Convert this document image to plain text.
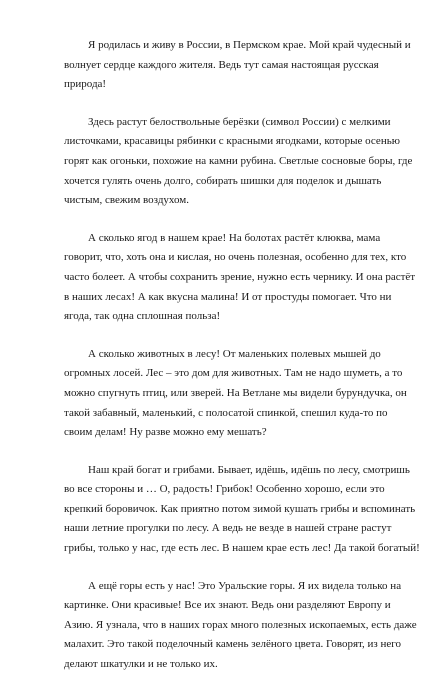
Я родилась и живу в России, в Пермском крае. Мой край чудесный и
волнует сердце каждого жителя. Ведь тут самая настоящая русская
природа!

Здесь растут белоствольные берёзки (символ России) с мелкими
листочками, красавицы рябинки с красными ягодками, которые осенью
горят как огоньки, похожие на камни рубина. Светлые сосновые боры, где
хочется гулять очень долго, собирать шишки для поделок и дышать
чистым, свежим воздухом.

А сколько ягод в нашем крае! На болотах растёт клюква, мама
говорит, что, хоть она и кислая, но очень полезная, особенно для тех, кто
часто болеет. А чтобы сохранить зрение, нужно есть чернику. И она растёт
в наших лесах! А как вкусна малина! И от простуды помогает. Что ни
ягода, так одна сплошная польза!

А сколько животных в лесу! От маленьких полевых мышей до
огромных лосей. Лес – это дом для животных. Там не надо шуметь, а то
можно спугнуть птиц, или зверей. На Ветлане мы видели бурундучка, он
такой забавный, маленький, с полосатой спинкой, спешил куда-то по
своим делам! Ну разве можно ему мешать?

Наш край богат и грибами. Бывает, идёшь, идёшь по лесу, смотришь
во все стороны и … О, радость! Грибок! Особенно хорошо, если это
крепкий боровичок. Как приятно потом зимой кушать грибы и вспоминать
наши летние прогулки по лесу. А ведь не везде в нашей стране растут
грибы, только у нас, где есть лес. В нашем крае есть лес! Да такой богатый!

А ещё горы есть у нас! Это Уральские горы. Я их видела только на
картинке. Они красивые! Все их знают. Ведь они разделяют Европу и
Азию. Я узнала, что в наших горах много полезных ископаемых, есть даже
малахит. Это такой поделочный камень зелёного цвета. Говорят, из него
делают шкатулки и не только их.
